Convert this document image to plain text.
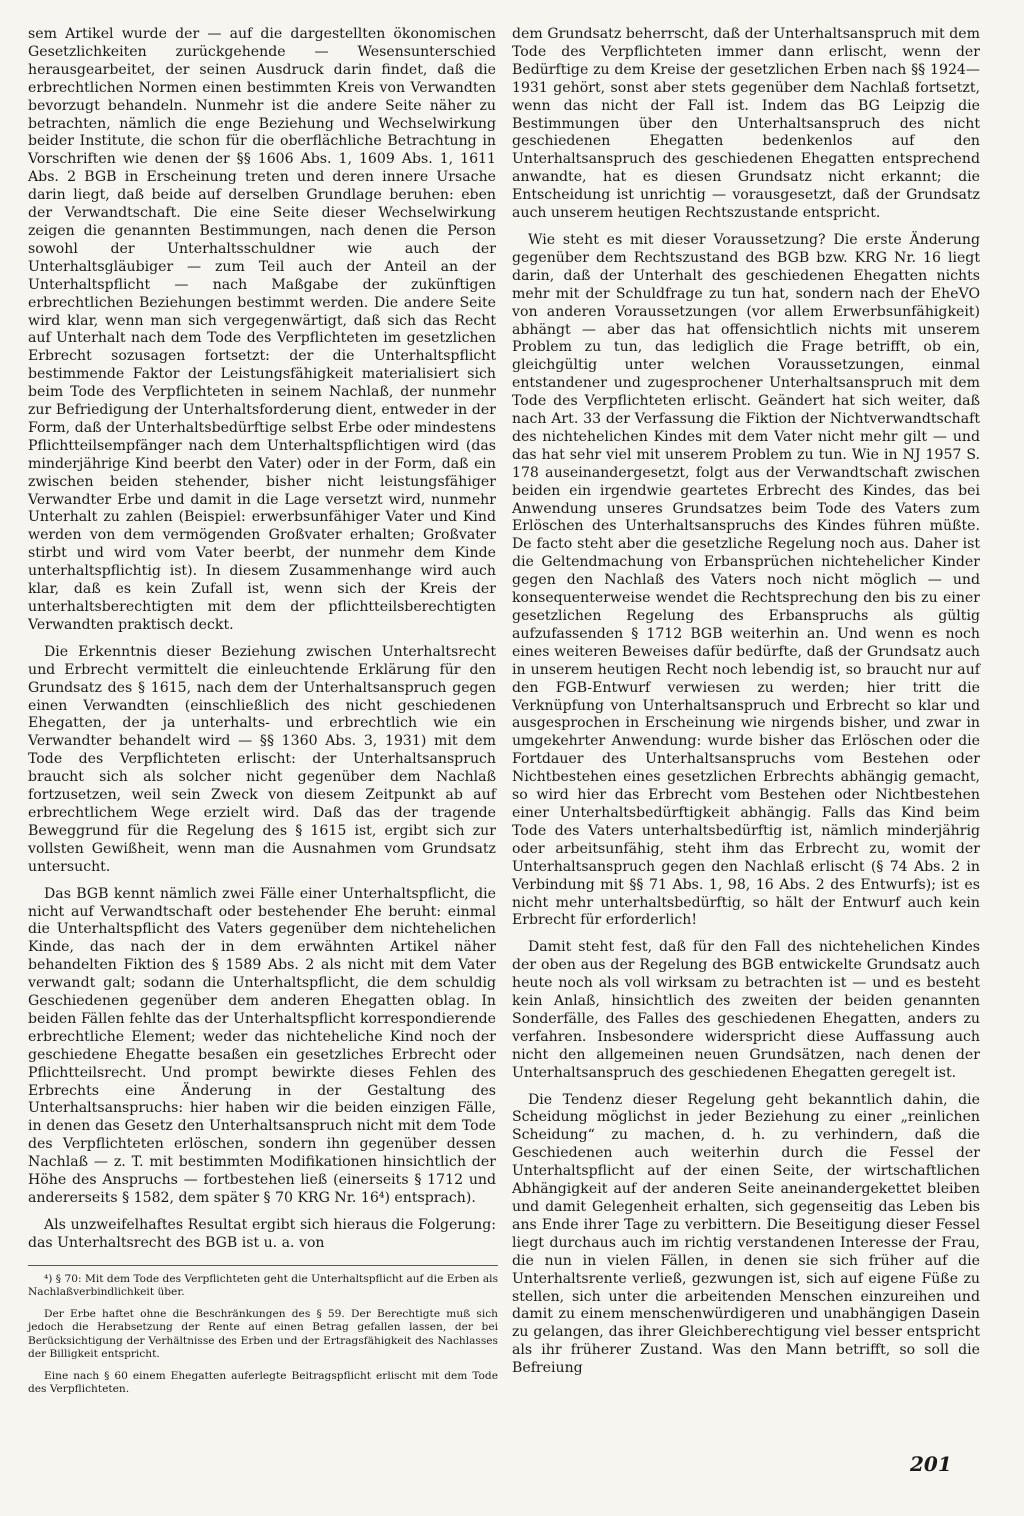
sem Artikel wurde der — auf die dargestellten ökonomischen Gesetzlichkeiten zurückgehende — Wesensunterschied herausgearbeitet, der seinen Ausdruck darin findet, daß die erbrechtlichen Normen einen bestimmten Kreis von Verwandten bevorzugt behandeln. Nunmehr ist die andere Seite näher zu betrachten, nämlich die enge Beziehung und Wechselwirkung beider Institute, die schon für die oberflächliche Betrachtung in Vorschriften wie denen der §§ 1606 Abs. 1, 1609 Abs. 1, 1611 Abs. 2 BGB in Erscheinung treten und deren innere Ursache darin liegt, daß beide auf derselben Grundlage beruhen: eben der Verwandtschaft. Die eine Seite dieser Wechselwirkung zeigen die genannten Bestimmungen, nach denen die Person sowohl der Unterhaltsschuldner wie auch der Unterhaltsgläubiger — zum Teil auch der Anteil an der Unterhaltspflicht — nach Maßgabe der zukünftigen erbrechtlichen Beziehungen bestimmt werden. Die andere Seite wird klar, wenn man sich vergegenwärtigt, daß sich das Recht auf Unterhalt nach dem Tode des Verpflichteten im gesetzlichen Erbrecht sozusagen fortsetzt: der die Unterhaltspflicht bestimmende Faktor der Leistungsfähigkeit materialisiert sich beim Tode des Verpflichteten in seinem Nachlaß, der nunmehr zur Befriedigung der Unterhaltsforderung dient, entweder in der Form, daß der Unterhaltsbedürftige selbst Erbe oder mindestens Pflichtteilsempfänger nach dem Unterhaltspflichtigen wird (das minderjährige Kind beerbt den Vater) oder in der Form, daß ein zwischen beiden stehender, bisher nicht leistungsfähiger Verwandter Erbe und damit in die Lage versetzt wird, nunmehr Unterhalt zu zahlen (Beispiel: erwerbsunfähiger Vater und Kind werden von dem vermögenden Großvater erhalten; Großvater stirbt und wird vom Vater beerbt, der nunmehr dem Kinde unterhaltspflichtig ist). In diesem Zusammenhange wird auch klar, daß es kein Zufall ist, wenn sich der Kreis der unterhaltsberechtigten mit dem der pflichtteilsberechtigten Verwandten praktisch deckt.

Die Erkenntnis dieser Beziehung zwischen Unterhaltsrecht und Erbrecht vermittelt die einleuchtende Erklärung für den Grundsatz des § 1615, nach dem der Unterhaltsanspruch gegen einen Verwandten (einschließlich des nicht geschiedenen Ehegatten, der ja unterhalts- und erbrechtlich wie ein Verwandter behandelt wird — §§ 1360 Abs. 3, 1931) mit dem Tode des Verpflichteten erlischt: der Unterhaltsanspruch braucht sich als solcher nicht gegenüber dem Nachlaß fortzusetzen, weil sein Zweck von diesem Zeitpunkt ab auf erbrechtlichem Wege erzielt wird. Daß das der tragende Beweggrund für die Regelung des § 1615 ist, ergibt sich zur vollsten Gewißheit, wenn man die Ausnahmen vom Grundsatz untersucht.

Das BGB kennt nämlich zwei Fälle einer Unterhaltspflicht, die nicht auf Verwandtschaft oder bestehender Ehe beruht: einmal die Unterhaltspflicht des Vaters gegenüber dem nichtehelichen Kinde, das nach der in dem erwähnten Artikel näher behandelten Fiktion des § 1589 Abs. 2 als nicht mit dem Vater verwandt galt; sodann die Unterhaltspflicht, die dem schuldig Geschiedenen gegenüber dem anderen Ehegatten oblag. In beiden Fällen fehlte das der Unterhaltspflicht korrespondierende erbrechtliche Element; weder das nichteheliche Kind noch der geschiedene Ehegatte besaßen ein gesetzliches Erbrecht oder Pflichtteilsrecht. Und prompt bewirkte dieses Fehlen des Erbrechts eine Änderung in der Gestaltung des Unterhaltsanspruchs: hier haben wir die beiden einzigen Fälle, in denen das Gesetz den Unterhaltsanspruch nicht mit dem Tode des Verpflichteten erlöschen, sondern ihn gegenüber dessen Nachlaß — z. T. mit bestimmten Modifikationen hinsichtlich der Höhe des Anspruchs — fortbestehen ließ (einerseits § 1712 und andererseits § 1582, dem später § 70 KRG Nr. 16⁴) entsprach).

Als unzweifelhaftes Resultat ergibt sich hieraus die Folgerung: das Unterhaltsrecht des BGB ist u. a. von

⁴) § 70: Mit dem Tode des Verpflichteten geht die Unterhaltspflicht auf die Erben als Nachlaßverbindlichkeit über.

Der Erbe haftet ohne die Beschränkungen des § 59. Der Berechtigte muß sich jedoch die Herabsetzung der Rente auf einen Betrag gefallen lassen, der bei Berücksichtigung der Verhältnisse des Erben und der Ertragsfähigkeit des Nachlasses der Billigkeit entspricht.

Eine nach § 60 einem Ehegatten auferlegte Beitragspflicht erlischt mit dem Tode des Verpflichteten.

dem Grundsatz beherrscht, daß der Unterhaltsanspruch mit dem Tode des Verpflichteten immer dann erlischt, wenn der Bedürftige zu dem Kreise der gesetzlichen Erben nach §§ 1924—1931 gehört, sonst aber stets gegenüber dem Nachlaß fortsetzt, wenn das nicht der Fall ist. Indem das BG Leipzig die Bestimmungen über den Unterhaltsanspruch des nicht geschiedenen Ehegatten bedenkenlos auf den Unterhaltsanspruch des geschiedenen Ehegatten entsprechend anwandte, hat es diesen Grundsatz nicht erkannt; die Entscheidung ist unrichtig — vorausgesetzt, daß der Grundsatz auch unserem heutigen Rechtszustande entspricht.

Wie steht es mit dieser Voraussetzung? Die erste Änderung gegenüber dem Rechtszustand des BGB bzw. KRG Nr. 16 liegt darin, daß der Unterhalt des geschiedenen Ehegatten nichts mehr mit der Schuldfrage zu tun hat, sondern nach der EheVO von anderen Voraussetzungen (vor allem Erwerbsunfähigkeit) abhängt — aber das hat offensichtlich nichts mit unserem Problem zu tun, das lediglich die Frage betrifft, ob ein, gleichgültig unter welchen Voraussetzungen, einmal entstandener und zugesprochener Unterhaltsanspruch mit dem Tode des Verpflichteten erlischt. Geändert hat sich weiter, daß nach Art. 33 der Verfassung die Fiktion der Nichtverwandtschaft des nichtehelichen Kindes mit dem Vater nicht mehr gilt — und das hat sehr viel mit unserem Problem zu tun. Wie in NJ 1957 S. 178 auseinandergesetzt, folgt aus der Verwandtschaft zwischen beiden ein irgendwie geartetes Erbrecht des Kindes, das bei Anwendung unseres Grundsatzes beim Tode des Vaters zum Erlöschen des Unterhaltsanspruchs des Kindes führen müßte. De facto steht aber die gesetzliche Regelung noch aus. Daher ist die Geltendmachung von Erbansprüchen nichtehelicher Kinder gegen den Nachlaß des Vaters noch nicht möglich — und konsequenterweise wendet die Rechtsprechung den bis zu einer gesetzlichen Regelung des Erbanspruchs als gültig aufzufassenden § 1712 BGB weiterhin an. Und wenn es noch eines weiteren Beweises dafür bedürfte, daß der Grundsatz auch in unserem heutigen Recht noch lebendig ist, so braucht nur auf den FGB-Entwurf verwiesen zu werden; hier tritt die Verknüpfung von Unterhaltsanspruch und Erbrecht so klar und ausgesprochen in Erscheinung wie nirgends bisher, und zwar in umgekehrter Anwendung: wurde bisher das Erlöschen oder die Fortdauer des Unterhaltsanspruchs vom Bestehen oder Nichtbestehen eines gesetzlichen Erbrechts abhängig gemacht, so wird hier das Erbrecht vom Bestehen oder Nichtbestehen einer Unterhaltsbedürftigkeit abhängig. Falls das Kind beim Tode des Vaters unterhaltsbedürftig ist, nämlich minderjährig oder arbeitsunfähig, steht ihm das Erbrecht zu, womit der Unterhaltsanspruch gegen den Nachlaß erlischt (§ 74 Abs. 2 in Verbindung mit §§ 71 Abs. 1, 98, 16 Abs. 2 des Entwurfs); ist es nicht mehr unterhaltsbedürftig, so hält der Entwurf auch kein Erbrecht für erforderlich!

Damit steht fest, daß für den Fall des nichtehelichen Kindes der oben aus der Regelung des BGB entwickelte Grundsatz auch heute noch als voll wirksam zu betrachten ist — und es besteht kein Anlaß, hinsichtlich des zweiten der beiden genannten Sonderfälle, des Falles des geschiedenen Ehegatten, anders zu verfahren. Insbesondere widerspricht diese Auffassung auch nicht den allgemeinen neuen Grundsätzen, nach denen der Unterhaltsanspruch des geschiedenen Ehegatten geregelt ist.

Die Tendenz dieser Regelung geht bekanntlich dahin, die Scheidung möglichst in jeder Beziehung zu einer „reinlichen Scheidung“ zu machen, d. h. zu verhindern, daß die Geschiedenen auch weiterhin durch die Fessel der Unterhaltspflicht auf der einen Seite, der wirtschaftlichen Abhängigkeit auf der anderen Seite aneinandergekettet bleiben und damit Gelegenheit erhalten, sich gegenseitig das Leben bis ans Ende ihrer Tage zu verbittern. Die Beseitigung dieser Fessel liegt durchaus auch im richtig verstandenen Interesse der Frau, die nun in vielen Fällen, in denen sie sich früher auf die Unterhaltsrente verließ, gezwungen ist, sich auf eigene Füße zu stellen, sich unter die arbeitenden Menschen einzureihen und damit zu einem menschenwürdigeren und unabhängigen Dasein zu gelangen, das ihrer Gleichberechtigung viel besser entspricht als ihr früherer Zustand. Was den Mann betrifft, so soll die Befreiung

201
